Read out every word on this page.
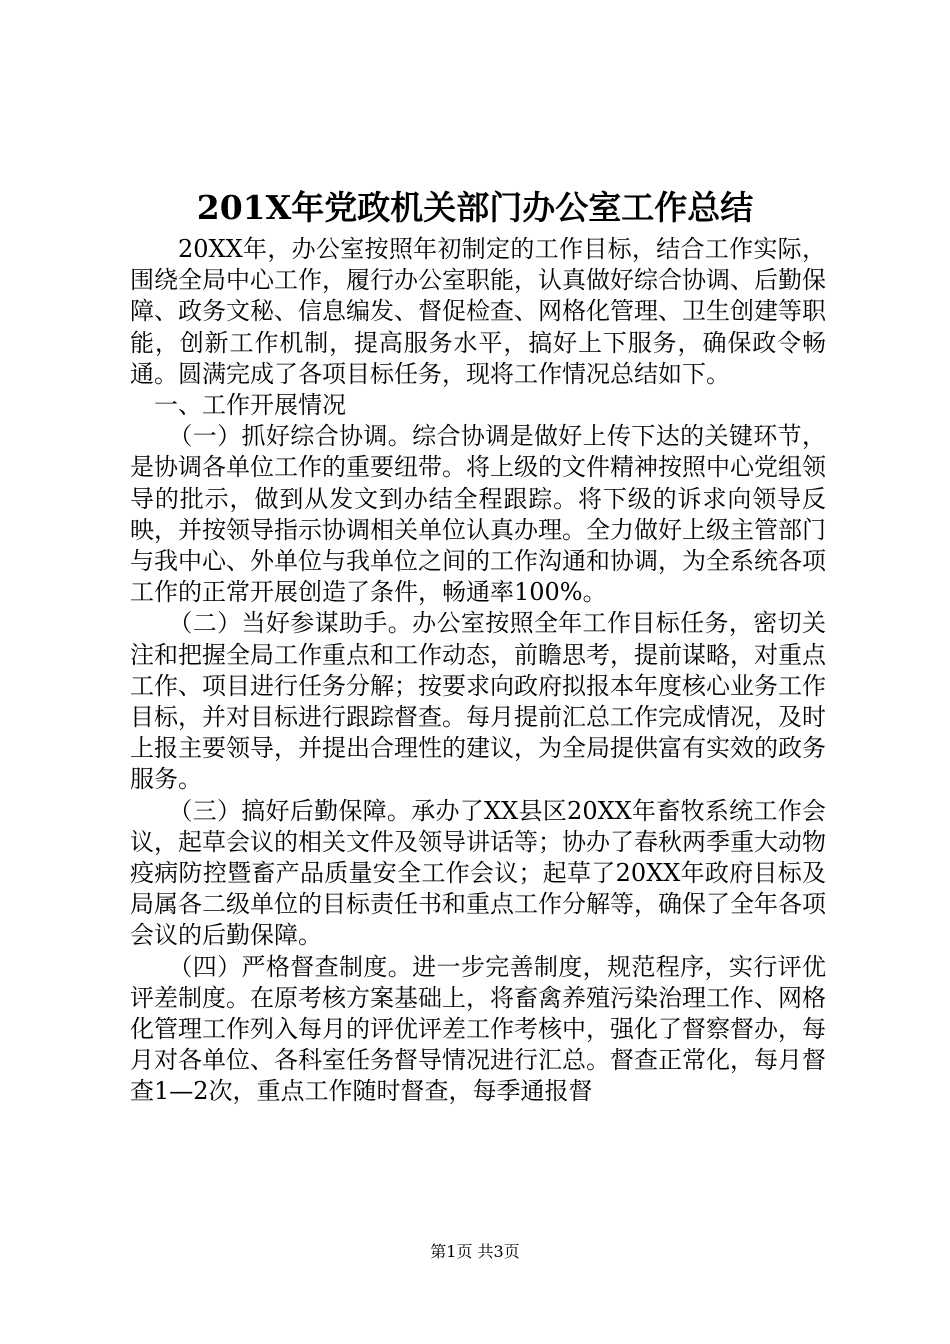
201X年党政机关部门办公室工作总结

20XX年，办公室按照年初制定的工作目标，结合工作实际，围绕全局中心工作，履行办公室职能，认真做好综合协调、后勤保障、政务文秘、信息编发、督促检查、网格化管理、卫生创建等职能，创新工作机制，提高服务水平，搞好上下服务，确保政令畅通。圆满完成了各项目标任务，现将工作情况总结如下。

一、工作开展情况

（一）抓好综合协调。综合协调是做好上传下达的关键环节，是协调各单位工作的重要纽带。将上级的文件精神按照中心党组领导的批示，做到从发文到办结全程跟踪。将下级的诉求向领导反映，并按领导指示协调相关单位认真办理。全力做好上级主管部门与我中心、外单位与我单位之间的工作沟通和协调，为全系统各项工作的正常开展创造了条件，畅通率100%。

（二）当好参谋助手。办公室按照全年工作目标任务，密切关注和把握全局工作重点和工作动态，前瞻思考，提前谋略，对重点工作、项目进行任务分解；按要求向政府拟报本年度核心业务工作目标，并对目标进行跟踪督查。每月提前汇总工作完成情况，及时上报主要领导，并提出合理性的建议，为全局提供富有实效的政务服务。

（三）搞好后勤保障。承办了XX县区20XX年畜牧系统工作会议，起草会议的相关文件及领导讲话等；协办了春秋两季重大动物疫病防控暨畜产品质量安全工作会议；起草了20XX年政府目标及局属各二级单位的目标责任书和重点工作分解等，确保了全年各项会议的后勤保障。

（四）严格督查制度。进一步完善制度，规范程序，实行评优评差制度。在原考核方案基础上，将畜禽养殖污染治理工作、网格化管理工作列入每月的评优评差工作考核中，强化了督察督办，每月对各单位、各科室任务督导情况进行汇总。督查正常化，每月督查1—2次，重点工作随时督查，每季通报督

第1页 共3页
